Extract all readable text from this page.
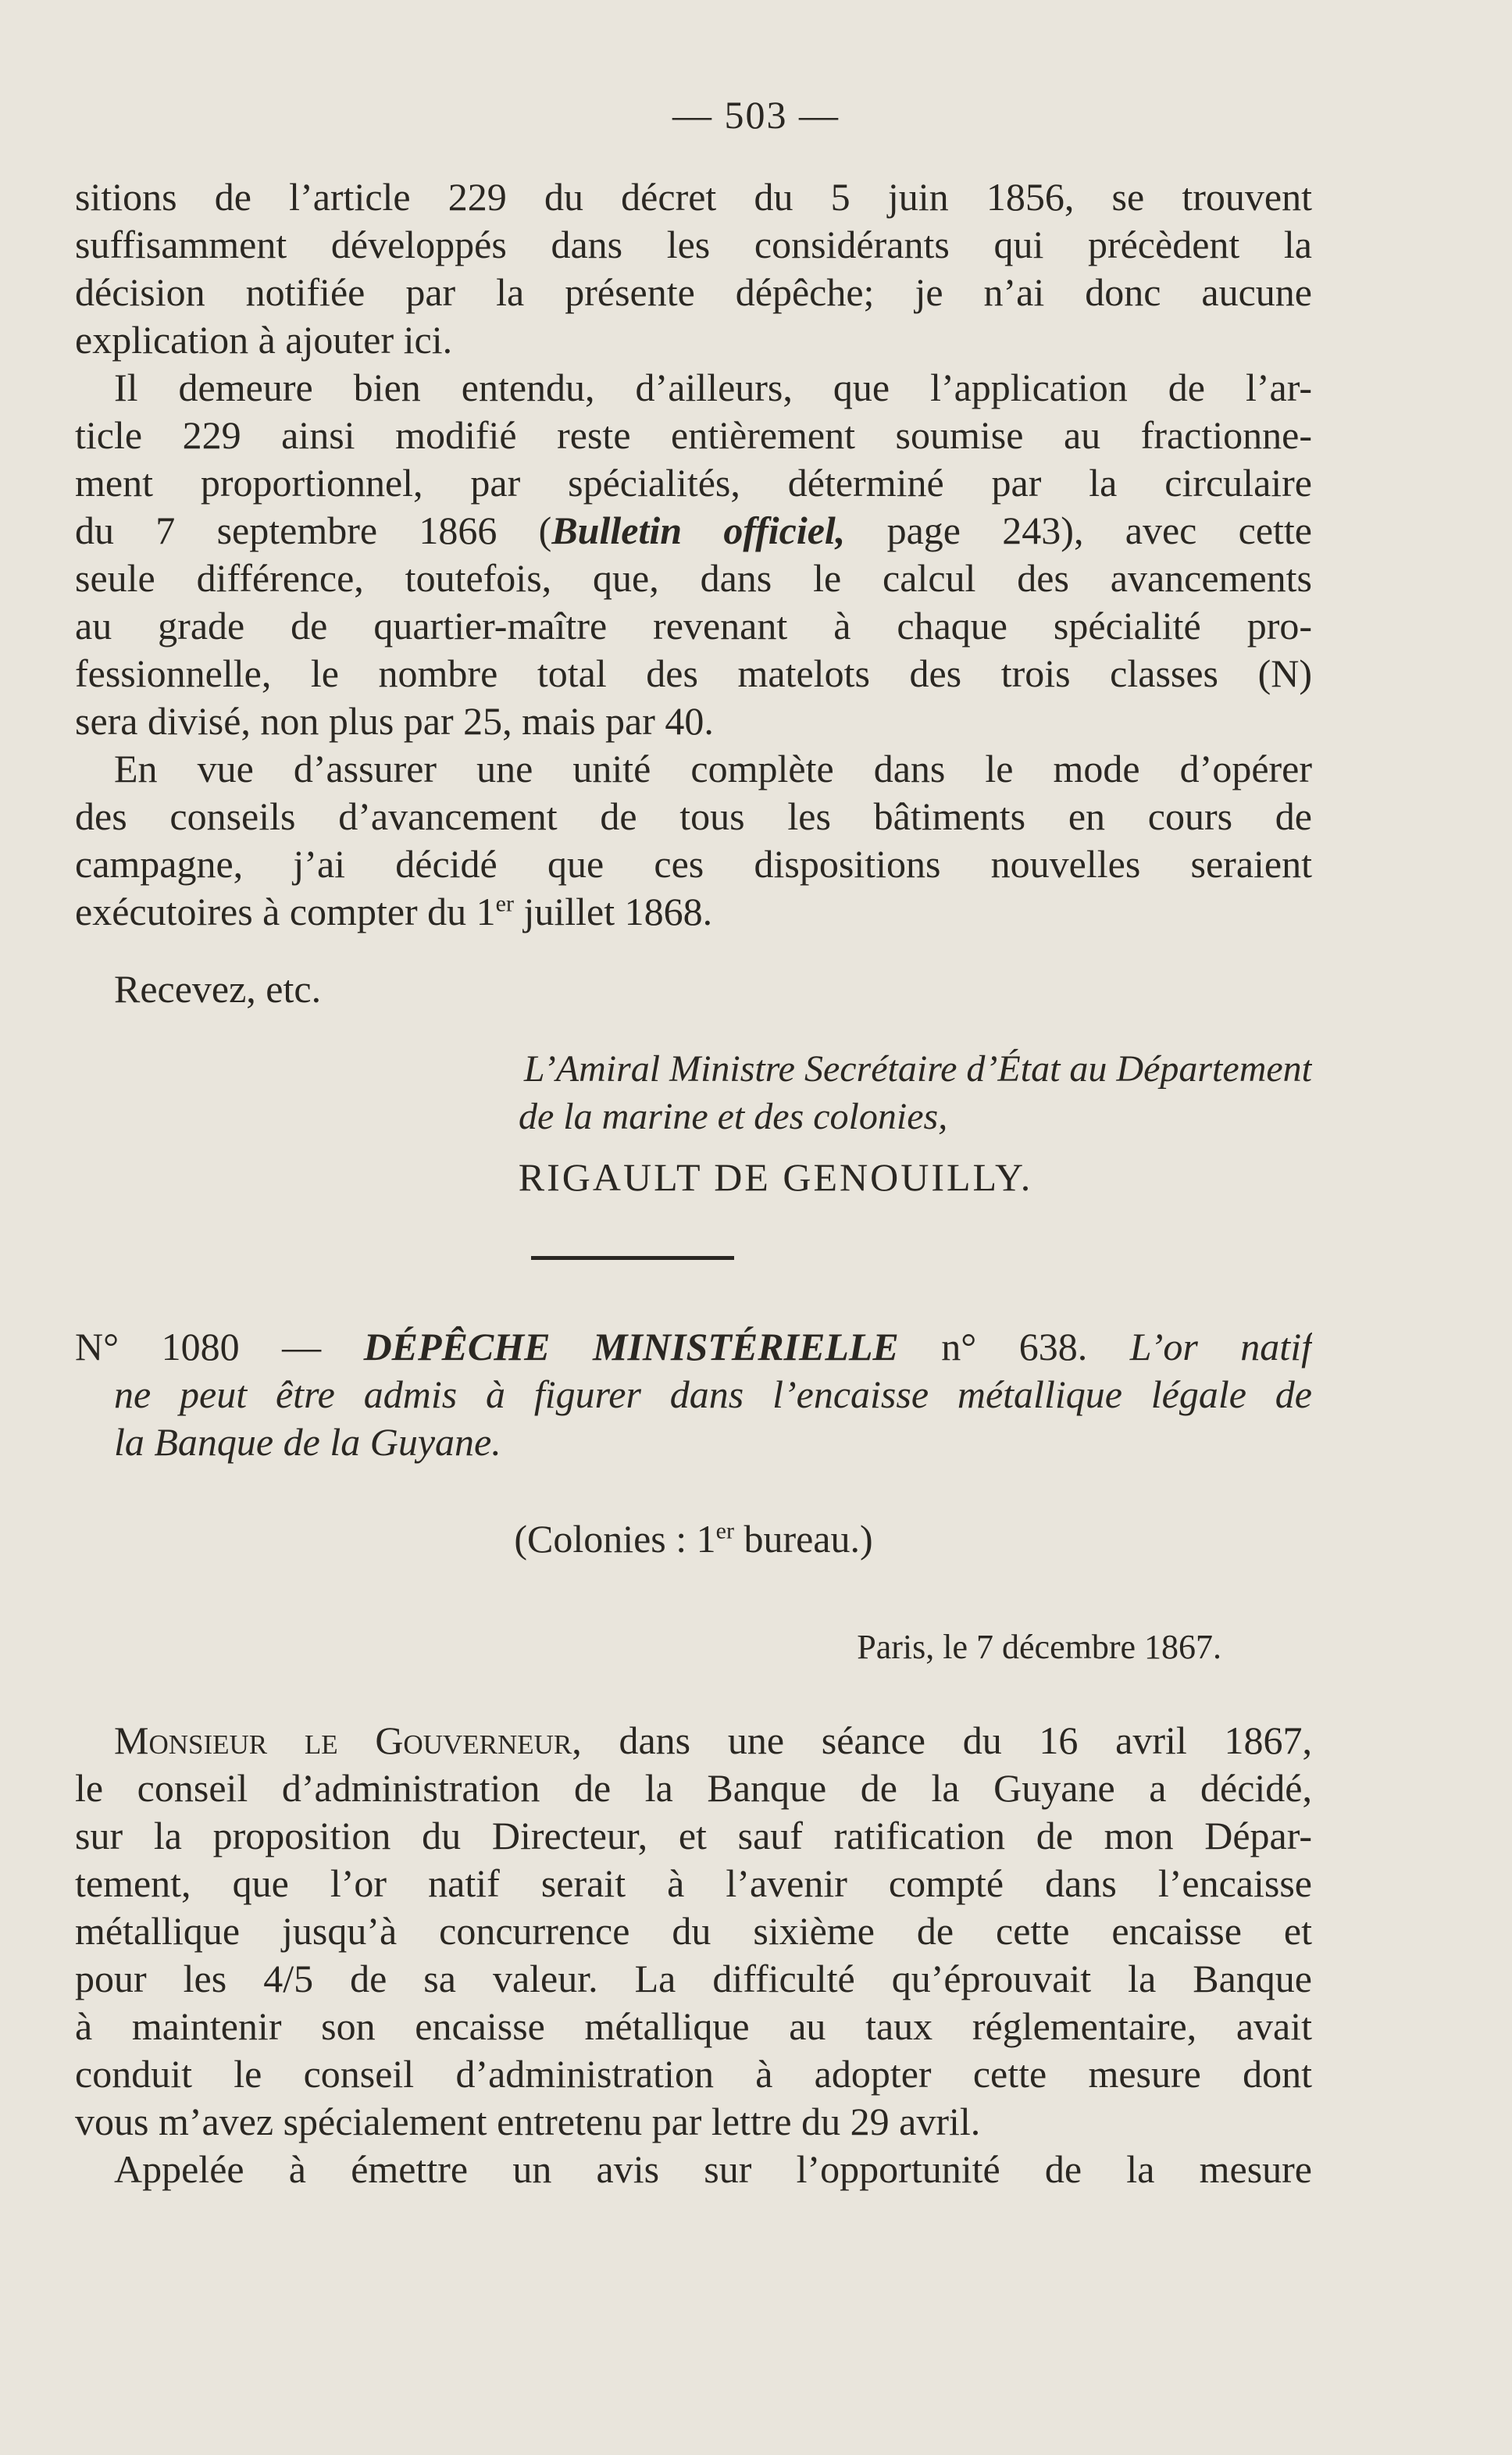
— 503 —
sitions de l’article 229 du décret du 5 juin 1856, se trouvent
suffisamment développés dans les considérants qui précèdent la
décision notifiée par la présente dépêche; je n’ai donc aucune
explication à ajouter ici.
Il demeure bien entendu, d’ailleurs, que l’application de l’ar-
ticle 229 ainsi modifié reste entièrement soumise au fractionne-
ment proportionnel, par spécialités, déterminé par la circulaire
du 7 septembre 1866 (Bulletin officiel, page 243), avec cette
seule différence, toutefois, que, dans le calcul des avancements
au grade de quartier-maître revenant à chaque spécialité pro-
fessionnelle, le nombre total des matelots des trois classes (N)
sera divisé, non plus par 25, mais par 40.
En vue d’assurer une unité complète dans le mode d’opérer
des conseils d’avancement de tous les bâtiments en cours de
campagne, j’ai décidé que ces dispositions nouvelles seraient
exécutoires à compter du 1er juillet 1868.
Recevez, etc.
L’Amiral Ministre Secrétaire d’État au Département
de la marine et des colonies,
RIGAULT DE GENOUILLY.
N° 1080 — DÉPÊCHE MINISTÉRIELLE n° 638. L’or natif
ne peut être admis à figurer dans l’encaisse métallique légale de
la Banque de la Guyane.
(Colonies : 1er bureau.)
Paris, le 7 décembre 1867.
Monsieur le Gouverneur, dans une séance du 16 avril 1867,
le conseil d’administration de la Banque de la Guyane a décidé,
sur la proposition du Directeur, et sauf ratification de mon Dépar-
tement, que l’or natif serait à l’avenir compté dans l’encaisse
métallique jusqu’à concurrence du sixième de cette encaisse et
pour les 4/5 de sa valeur. La difficulté qu’éprouvait la Banque
à maintenir son encaisse métallique au taux réglementaire, avait
conduit le conseil d’administration à adopter cette mesure dont
vous m’avez spécialement entretenu par lettre du 29 avril.
Appelée à émettre un avis sur l’opportunité de la mesure
